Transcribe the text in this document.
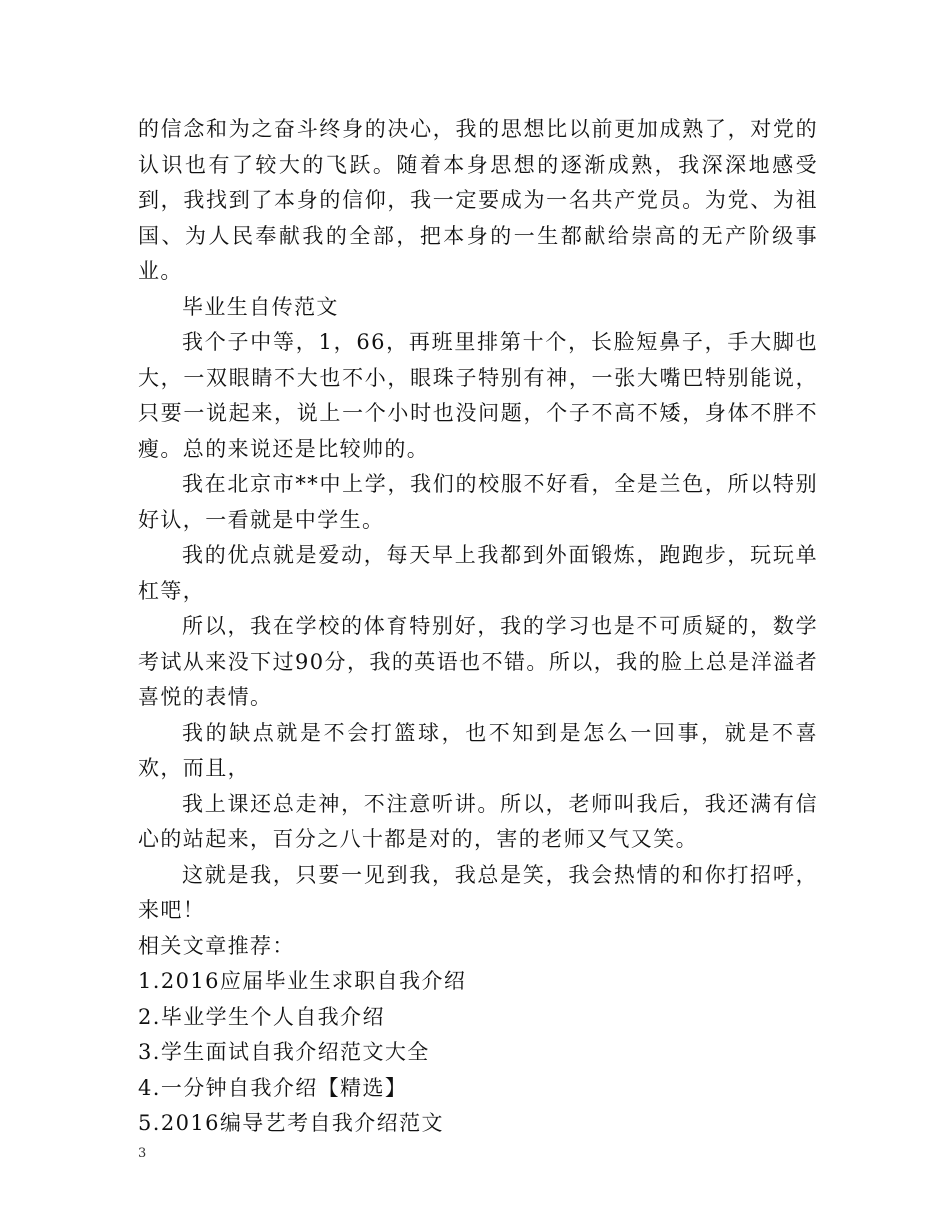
的信念和为之奋斗终身的决心，我的思想比以前更加成熟了，对党的认识也有了较大的飞跃。随着本身思想的逐渐成熟，我深深地感受到，我找到了本身的信仰，我一定要成为一名共产党员。为党、为祖国、为人民奉献我的全部，把本身的一生都献给崇高的无产阶级事业。

毕业生自传范文

我个子中等，1，66，再班里排第十个，长脸短鼻子，手大脚也大，一双眼睛不大也不小，眼珠子特别有神，一张大嘴巴特别能说，只要一说起来，说上一个小时也没问题，个子不高不矮，身体不胖不瘦。总的来说还是比较帅的。

我在北京市**中上学，我们的校服不好看，全是兰色，所以特别好认，一看就是中学生。

我的优点就是爱动，每天早上我都到外面锻炼，跑跑步，玩玩单杠等，

所以，我在学校的体育特别好，我的学习也是不可质疑的，数学考试从来没下过90分，我的英语也不错。所以，我的脸上总是洋溢者喜悦的表情。

我的缺点就是不会打篮球，也不知到是怎么一回事，就是不喜欢，而且，

我上课还总走神，不注意听讲。所以，老师叫我后，我还满有信心的站起来，百分之八十都是对的，害的老师又气又笑。

这就是我，只要一见到我，我总是笑，我会热情的和你打招呼，来吧！

相关文章推荐：

1.2016应届毕业生求职自我介绍
2.毕业学生个人自我介绍
3.学生面试自我介绍范文大全
4.一分钟自我介绍【精选】
5.2016编导艺考自我介绍范文
3
